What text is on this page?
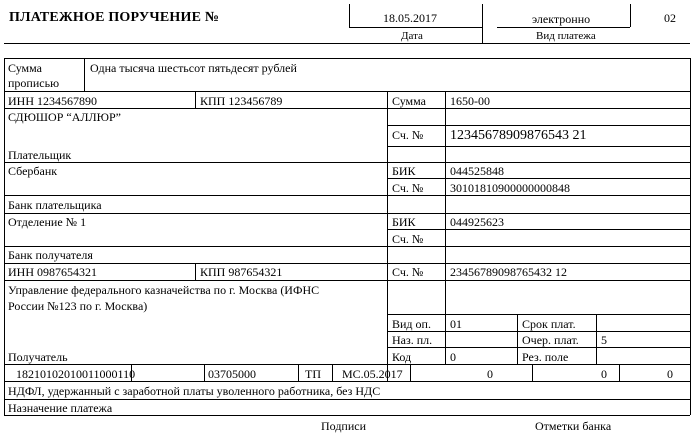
ПЛАТЕЖНОЕ ПОРУЧЕНИЕ №	18.05.2017	электронно	02
Дата	Вид платежа
Сумма
прописью
Одна тысяча шестьсот пятьдесят рублей
ИНН 1234567890	КПП 123456789	Сумма 1650-00
СДЮШОР “АЛЛЮР”
Сч. № 12345678909876543 21
Плательщик
Сбербанк	БИК	044525848
Сч. № 30101810900000000848
Банк плательщика
Отделение № 1	БИК	044925623
Сч. №
Банк получателя
ИНН 0987654321	КПП 987654321	Сч. № 23456789098765432 12
Управление федерального казначейства по г. Москва (ИФНС
России №123 по г. Москва)
Получатель
Вид оп. 01	Срок плат.
Наз. пл.	Очер. плат. 5
Код	0	Рез. поле
18210102010011000110	03705000	ТП МС.05.2017	0	0	0
НДФЛ, удержанный с заработной платы уволенного работника, без НДС
Назначение платежа
Подписи	Отметки банка
